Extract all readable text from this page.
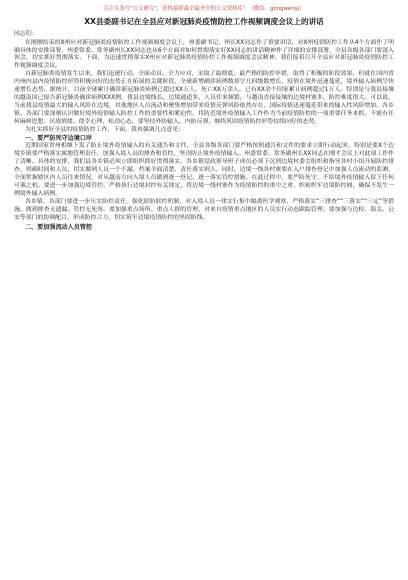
关注头条号"公文研究"，获得最新最全最齐全的公文资料库！（微信：gongwenyj）
XX县委副书记在全县应对新冠肺炎疫情防控工作视频调度会议上的讲话

同志们：

在刚刚结束的X州应对新冠肺炎疫情防控工作视频调度会议上，州委副书记、州长XX同志作了重要讲话，对X州疫情防控工作从4个方面作了明确具体的安排部署，州委常委、常务副州长XX同志也从6个方面对如何贯彻落实好XX同志的讲话精神作了详细的安排部署，全县各级各部门要深入领会，切实抓好贯彻落实。下面，为迅速贯彻落实X州应对新冠肺炎疫情防控工作视频调度会议精神，我们接着召开全县应对新冠肺炎疫情防控工作视频调度会议。

自新冠肺炎疫情发生以来，我们迅速行动、全面动员、全力应对，采取了最彻底、最严格的防控举措，取得了积极的阶段效果。但就在国内省内州内县内疫情防控形势积极向好的态势正在拓展的关键阶段，全球新增确诊病例数却呈几何级数增长，疫情在境外迅速蔓延，境外输入病例呈快速增长态势。据统计，目前全球累计确诊新冠肺炎病例已超过XX万人，死亡XX万余人，已有XX余个国家累计病例超过1万人。特别是与我县接壤的越南国已报告新冠肺炎确诊病例XXX例，我县边境线长、边境通道多、人员往来频繁，与越南直接接壤的边境村寨多，防控难度很大。可以说，当前我县疫情最大的输入风险在边境，其他地区人员流动和聚集增加带来疫情反弹风险依然存在，国际疫情迅速蔓延带来的输入性风险增加。各乡镇、各部门要深刻认识做好境外疫情输入防控工作的重要性和紧迫性，将防范境外疫情输入工作作为当前疫情防控的一项重要任务来抓，不能有任何麻痹思想、厌战情绪、侥幸心理、松劲心态，要坚持外防输入、内防反弹，继续巩固疫情防控形势持续向好的态势。

为扎实抓好全县的疫情防控工作，下面，我再强调几点意见：

一、要严防死守边境口岸

近期国家省州相继下发了防止境外疫情输入的有关通告和文件，全县各级各部门要严格按照通告和文件的要求立即行动起来，特别是要X个边境乡镇要严格落实属地管理责任，加强入境人员的排查和管控，坚决防止境外疫情输入。州委常委、常务副州长XX同志在刚才会议上对此项工作作了清晰、具体的安排，我们县各乡镇必须立即组织抓好贯彻落实，各乡镇党政领导班子成员必须下沉到边境村委会组织和指导各村小组开展防控排查，明确时间和人员，切实做到人员一个不漏、档案全面清楚、责任落实到人。同时，边境一线各村寨要在入户排查登记中加强人员流动的监测，全面掌握辖区内人员往来情况，对从越南方向入境人员做到逐一登记、逐一落实管控措施。在此过程中，要严防死守，不给境外疫情输入留下任何可乘之机。要进一步加强边境管控，严格执行边境封控有关规定，将边境一线村寨作为疫情防控的重中之重，织密织牢边境防控网，确保不发生一例境外输入病例。

各乡镇、各部门要进一步压实防控责任，强化联防联控机制，对入境人员一律实行集中隔离医学观察，严格落实“三排查”“三落实”“三定”等措施，做到排查无遗漏、管控无死角。要加强重点场所、重点人群的管理，对来自疫情重点地区的人员实行动态跟踪管理。要加强与边检、海关、公安等部门的协调配合，形成防控合力，切实筑牢边境疫情防控的坚固防线。

二、要加强流动人员管控
